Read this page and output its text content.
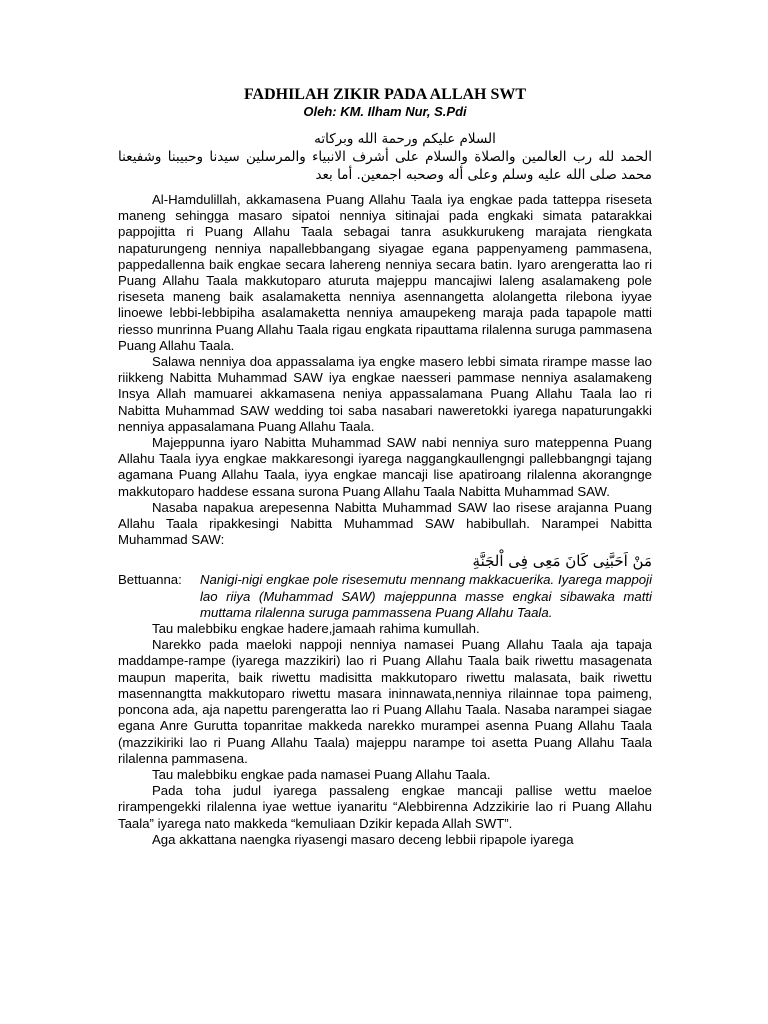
FADHILAH ZIKIR PADA ALLAH SWT
Oleh: KM. Ilham Nur, S.Pdi

السلام عليكم ورحمة الله وبركاته

الحمد لله رب العالمين والصلاة والسلام على أشرف الانبياء والمرسلين سيدنا وحبيبنا وشفيعنا محمد صلى الله عليه وسلم وعلى أله وصحبه اجمعين. أما بعد

Al-Hamdulillah, akkamasena Puang Allahu Taala iya engkae pada tatteppa riseseta maneng sehingga masaro sipatoi nenniya sitinajai pada engkaki simata patarakkai pappojitta ri Puang Allahu Taala sebagai tanra asukkurukeng marajata riengkata napaturungeng nenniya napallebbangang siyagae egana pappenyameng pammasena, pappedallenna baik engkae secara lahereng nenniya secara batin. Iyaro arengeratta lao ri Puang Allahu Taala makkutoparo aturuta majeppu mancajiwi laleng asalamakeng pole riseseta maneng baik asalamaketta nenniya asennangetta alolangetta rilebona iyyae linoewe lebbi-lebbipiha asalamaketta nenniya amaupekeng maraja pada tapapole matti riesso munrinna Puang Allahu Taala rigau engkata ripauttama rilalenna suruga pammasena Puang Allahu Taala.

Salawa nenniya doa appassalama iya engke masero lebbi simata rirampe masse lao riikkeng Nabitta Muhammad SAW iya engkae naesseri pammase nenniya asalamakeng Insya Allah mamuarei akkamasena neniya appassalamana Puang Allahu Taala lao ri Nabitta Muhammad SAW wedding toi saba nasabari naweretokki iyarega napaturungakki nenniya appasalamana Puang Allahu Taala.

Majeppunna iyaro Nabitta Muhammad SAW nabi nenniya suro mateppenna Puang Allahu Taala iyya engkae makkaresongi iyarega naggangkaullengngi pallebbangngi tajang agamana Puang Allahu Taala, iyya engkae mancaji lise apatiroang rilalenna akorangnge makkutoparo haddese essana surona Puang Allahu Taala Nabitta Muhammad SAW.

Nasaba napakua arepesenna Nabitta Muhammad SAW lao risese arajanna Puang Allahu Taala ripakkesingi Nabitta Muhammad SAW habibullah. Narampei Nabitta Muhammad SAW:

مَنْ اَحَبَّنِى كَانَ مَعِى فِى اْلجَنَّةِ

Bettuanna:	Nanigi-nigi engkae pole risesemutu mennang makkacuerika. Iyarega mappoji lao riiya (Muhammad SAW) majeppunna masse engkai sibawaka matti muttama rilalenna suruga pammassena Puang Allahu Taala.

Tau malebbiku engkae hadere,jamaah rahima kumullah.

Narekko pada maeloki nappoji nenniya namasei Puang Allahu Taala aja tapaja maddampe-rampe (iyarega mazzikiri) lao ri Puang Allahu Taala baik riwettu masagenata maupun maperita, baik riwettu madisitta makkutoparo riwettu malasata, baik riwettu masennangtta makkutoparo riwettu masara ininnawata,nenniya rilainnae topa paimeng, poncona ada, aja napettu parengeratta lao ri Puang Allahu Taala. Nasaba narampei siagae egana Anre Gurutta topanritae makkeda narekko murampei asenna Puang Allahu Taala (mazzikiriki lao ri Puang Allahu Taala) majeppu narampe toi asetta Puang Allahu Taala rilalenna pammasena.

Tau malebbiku engkae pada namasei Puang Allahu Taala.

Pada toha judul iyarega passaleng engkae mancaji pallise wettu maeloe rirampengekki rilalenna iyae wettue iyanaritu “Alebbirenna Adzzikirie lao ri Puang Allahu Taala” iyarega nato makkeda “kemuliaan Dzikir kepada Allah SWT”.

Aga akkattana naengka riyasengi masaro deceng lebbii ripapole iyarega
